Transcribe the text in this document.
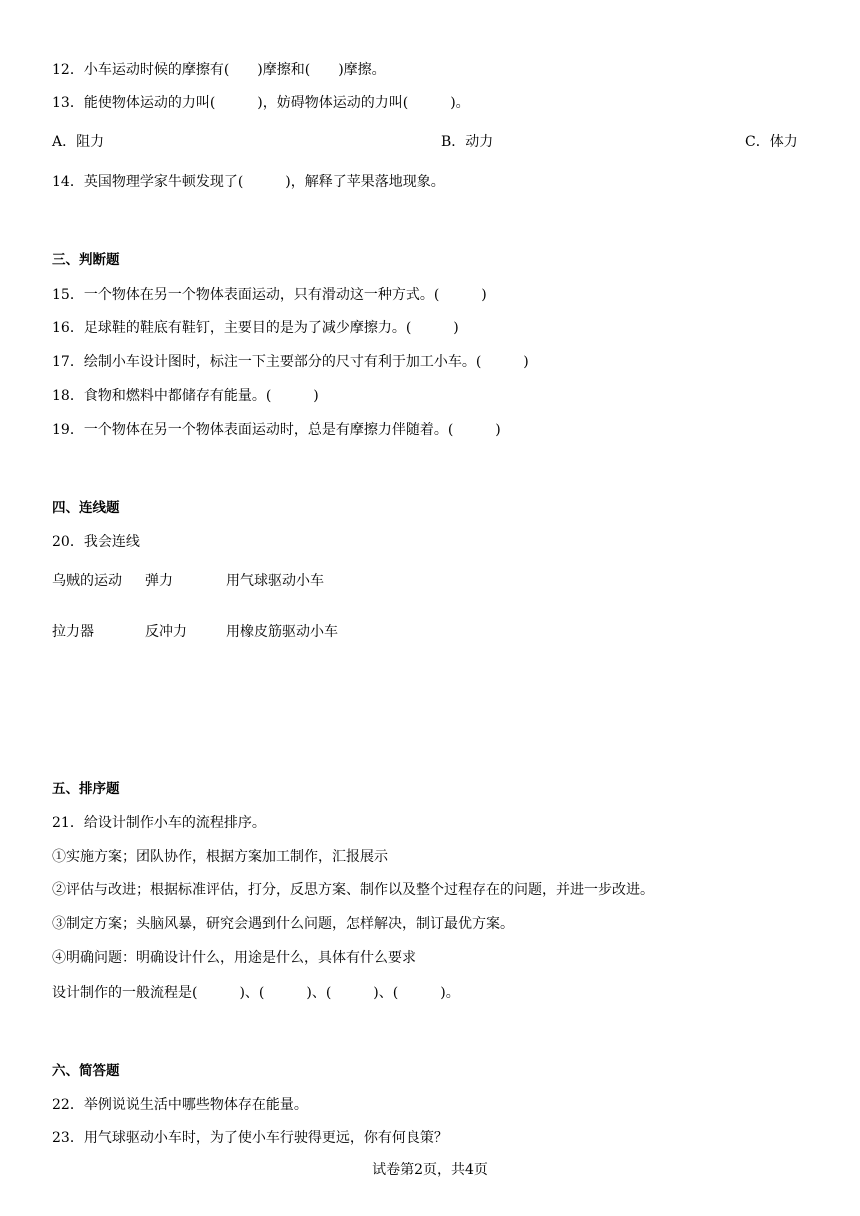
12．小车运动时候的摩擦有(　　)摩擦和(　　)摩擦。
13．能使物体运动的力叫(　　　)，妨碍物体运动的力叫(　　　)。
A．阻力	B．动力	C．体力
14．英国物理学家牛顿发现了(　　　)，解释了苹果落地现象。
三、判断题
15．一个物体在另一个物体表面运动，只有滑动这一种方式。(　　　)
16．足球鞋的鞋底有鞋钉，主要目的是为了减少摩擦力。(　　　)
17．绘制小车设计图时，标注一下主要部分的尺寸有利于加工小车。(　　　)
18．食物和燃料中都储存有能量。(　　　)
19．一个物体在另一个物体表面运动时，总是有摩擦力伴随着。(　　　)
四、连线题
20．我会连线
乌贼的运动 弹力	用气球驱动小车
拉力器	反冲力	用橡皮筋驱动小车
五、排序题
21．给设计制作小车的流程排序。
①实施方案；团队协作，根据方案加工制作，汇报展示
②评估与改进；根据标准评估，打分，反思方案、制作以及整个过程存在的问题，并进一步改进。
③制定方案；头脑风暴，研究会遇到什么问题，怎样解决，制订最优方案。
④明确问题：明确设计什么，用途是什么，具体有什么要求
设计制作的一般流程是(　　　)、(　　　)、(　　　)、(　　　)。
六、简答题
22．举例说说生活中哪些物体存在能量。
23．用气球驱动小车时，为了使小车行驶得更远，你有何良策？
试卷第2页，共4页
